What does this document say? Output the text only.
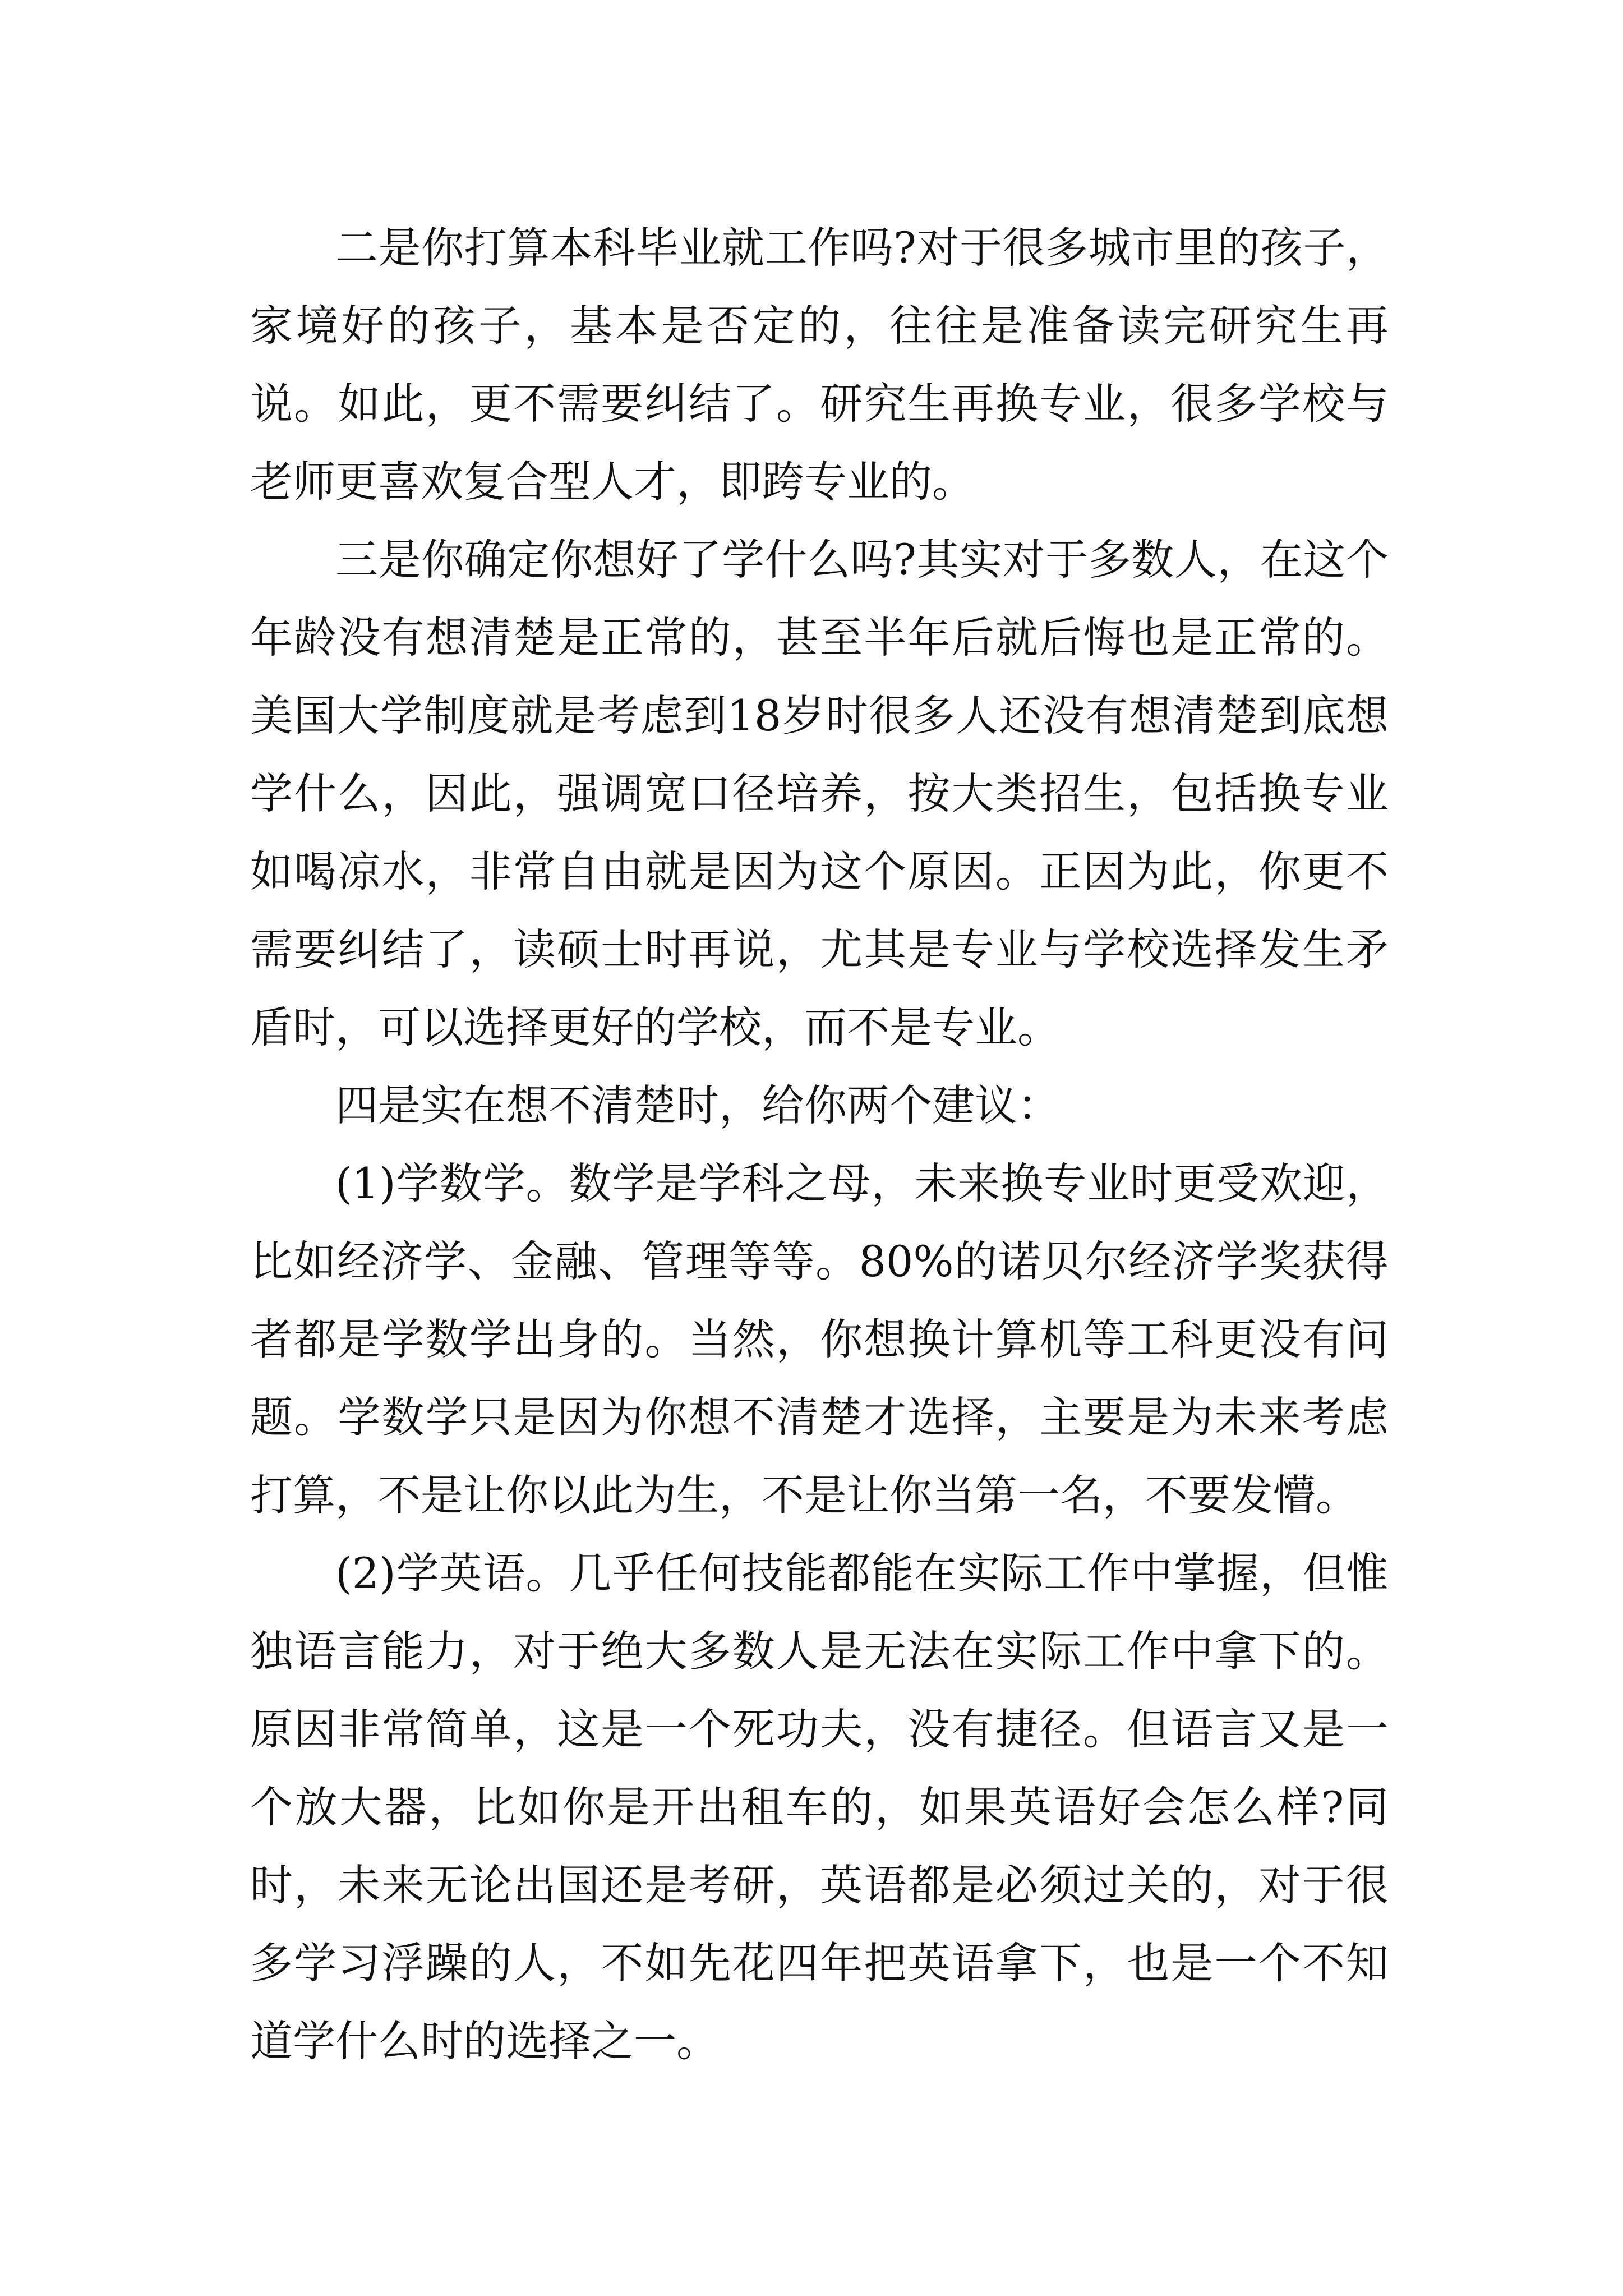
二是你打算本科毕业就工作吗?对于很多城市里的孩子，家境好的孩子，基本是否定的，往往是准备读完研究生再说。如此，更不需要纠结了。研究生再换专业，很多学校与老师更喜欢复合型人才，即跨专业的。

三是你确定你想好了学什么吗?其实对于多数人，在这个年龄没有想清楚是正常的，甚至半年后就后悔也是正常的。美国大学制度就是考虑到18岁时很多人还没有想清楚到底想学什么，因此，强调宽口径培养，按大类招生，包括换专业如喝凉水，非常自由就是因为这个原因。正因为此，你更不需要纠结了，读硕士时再说，尤其是专业与学校选择发生矛盾时，可以选择更好的学校，而不是专业。

四是实在想不清楚时，给你两个建议：

(1)学数学。数学是学科之母，未来换专业时更受欢迎，比如经济学、金融、管理等等。80%的诺贝尔经济学奖获得者都是学数学出身的。当然，你想换计算机等工科更没有问题。学数学只是因为你想不清楚才选择，主要是为未来考虑打算，不是让你以此为生，不是让你当第一名，不要发懵。

(2)学英语。几乎任何技能都能在实际工作中掌握，但惟独语言能力，对于绝大多数人是无法在实际工作中拿下的。原因非常简单，这是一个死功夫，没有捷径。但语言又是一个放大器，比如你是开出租车的，如果英语好会怎么样?同时，未来无论出国还是考研，英语都是必须过关的，对于很多学习浮躁的人，不如先花四年把英语拿下，也是一个不知道学什么时的选择之一。
